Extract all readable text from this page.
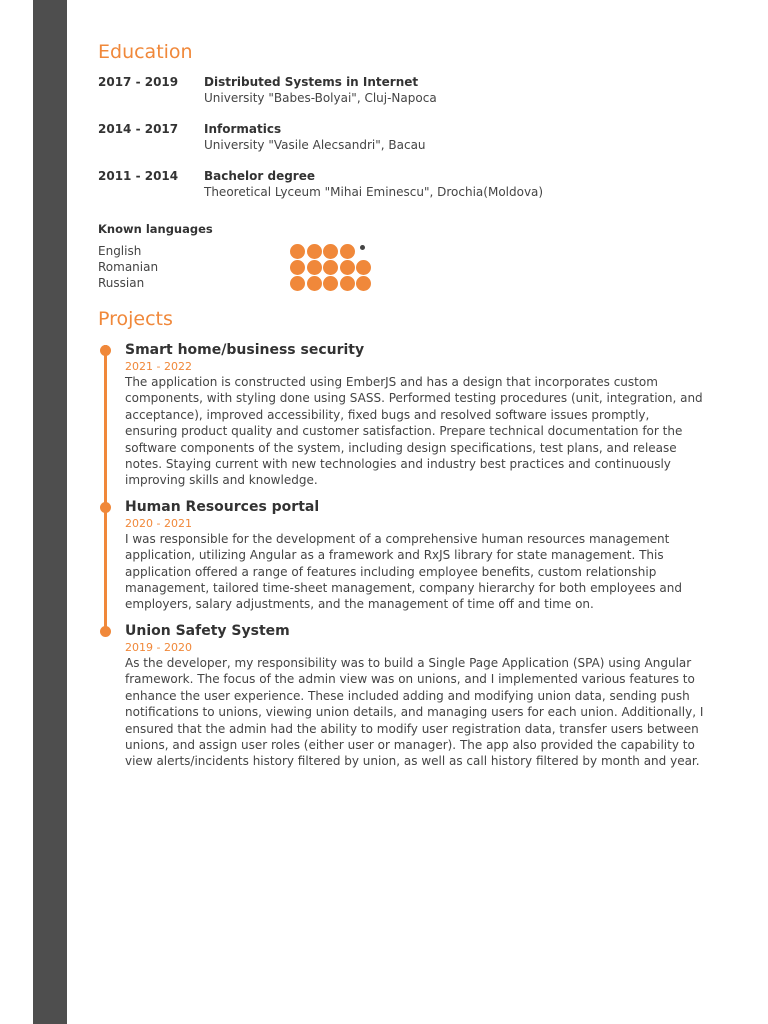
Education
2017 - 2019	Distributed Systems in Internet
University "Babes-Bolyai", Cluj-Napoca
2014 - 2017	Informatics
University "Vasile Alecsandri", Bacau
2011 - 2014	Bachelor degree
Theoretical Lyceum "Mihai Eminescu", Drochia(Moldova)
Known languages
English
Romanian
Russian
Projects
Smart home/business security
2021 - 2022
The application is constructed using EmberJS and has a design that incorporates custom components, with styling done using SASS. Performed testing procedures (unit, integration, and acceptance), improved accessibility, fixed bugs and resolved software issues promptly, ensuring product quality and customer satisfaction. Prepare technical documentation for the software components of the system, including design specifications, test plans, and release notes. Staying current with new technologies and industry best practices and continuously improving skills and knowledge.
Human Resources portal
2020 - 2021
I was responsible for the development of a comprehensive human resources management application, utilizing Angular as a framework and RxJS library for state management. This application offered a range of features including employee benefits, custom relationship management, tailored time-sheet management, company hierarchy for both employees and employers, salary adjustments, and the management of time off and time on.
Union Safety System
2019 - 2020
As the developer, my responsibility was to build a Single Page Application (SPA) using Angular framework. The focus of the admin view was on unions, and I implemented various features to enhance the user experience. These included adding and modifying union data, sending push notifications to unions, viewing union details, and managing users for each union. Additionally, I ensured that the admin had the ability to modify user registration data, transfer users between unions, and assign user roles (either user or manager). The app also provided the capability to view alerts/incidents history filtered by union, as well as call history filtered by month and year.
